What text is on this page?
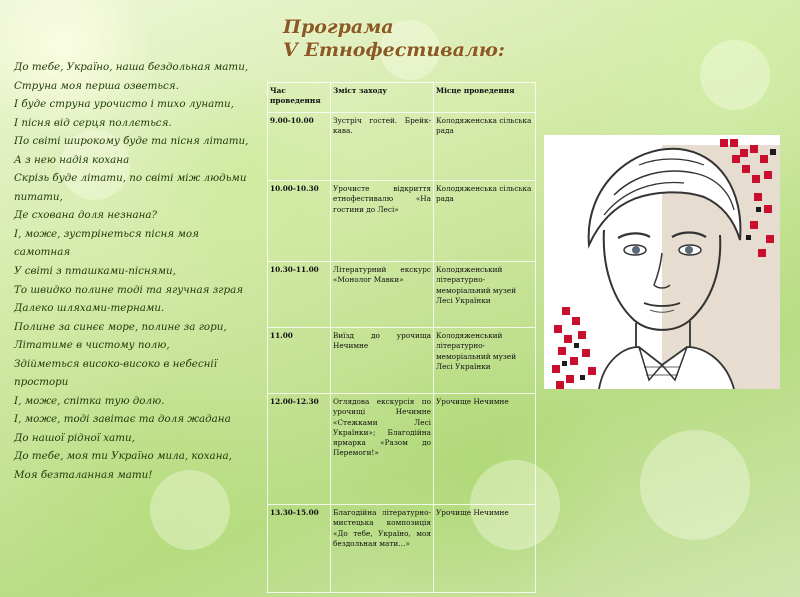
Програма
V Етнофестивалю:
До тебе, Україно, наша бездольная мати,
Струна моя перша озветься.
І буде струна урочисто і тихо лунати,
І пісня від серця поллється.
По світі широкому буде та пісня літати,
А з нею надія кохана
Скрізь буде літати, по світі між людьми питати,
Де схована доля незнана?
І, може, зустрінеться пісня моя самотная
У світі з пташками-піснями,
То швидко полине тоді та ягучная зграя
Далеко шляхами-тернами.
Полине за синєє море, полине за гори,
Літатиме в чистому полю,
Здійметься високо-високо в небеснії простори
І, може, спітка тую долю.
І, може, тоді завітає та доля жадана
До нашої рідної хати,
До тебе, моя ти Україно мила, кохана,
Моя безталанная мати!
Час проведення	Зміст заходу	Місце проведення
9.00-10.00	Зустріч гостей. Брейк-кава.	Колодяженська сільська рада
10.00-10.30	Урочисте відкриття етнофестивалю «На гостини до Лесі»	Колодяженська сільська рада
10.30-11.00	Літературний екскурс «Монолог Мавки»	Колодяженський літературно-меморіальний музей Лесі Українки
11.00	Виїзд до урочища Нечимне	Колодяженський літературно-меморіальний музей Лесі Українки
12.00-12.30	Оглядова екскурсія по урочищі Нечимне «Стежками Лесі Українки»; Благодійна ярмарка «Разом до Перемоги!»	Урочище Нечимне
13.30-15.00	Благодійна літературно-мистецька композиція «До тебе, Україно, моя бездольная мати…»	Урочище Нечимне
